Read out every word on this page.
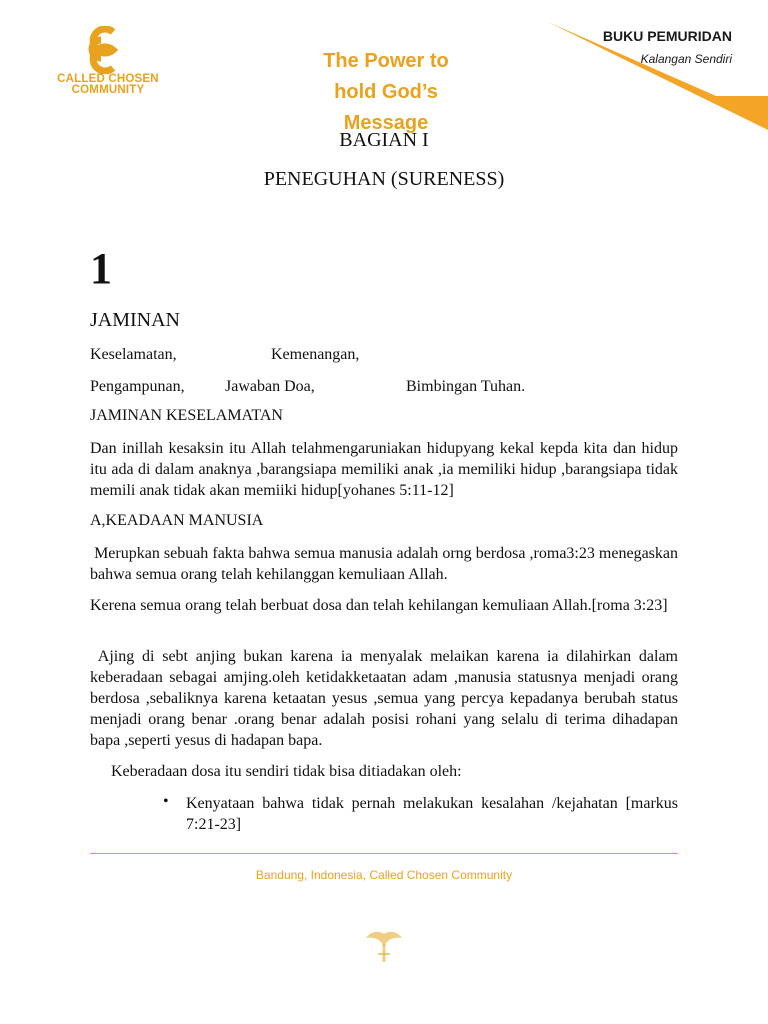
CALLED CHOSEN
COMMUNITY
The Power to
hold God’s
Message
BUKU PEMURIDAN
Kalangan Sendiri
BAGIAN I
PENEGUHAN (SURENESS)
1
JAMINAN
Keselamatan,	Kemenangan,
Pengampunan,	Jawaban Doa,	Bimbingan Tuhan.
JAMINAN KESELAMATAN
Dan inillah kesaksin itu Allah telahmengaruniakan hidupyang kekal kepda kita dan hidup itu ada di dalam anaknya ,barangsiapa memiliki anak ,ia memiliki hidup ,barangsiapa tidak memili anak tidak akan memiiki hidup[yohanes 5:11-12]
A,KEADAAN MANUSIA
Merupkan sebuah fakta bahwa semua manusia adalah orng berdosa ,roma3:23 menegaskan bahwa semua orang telah kehilanggan kemuliaan Allah.
Kerena semua orang telah berbuat dosa dan telah kehilangan kemuliaan Allah.[roma 3:23]
Ajing di sebt anjing bukan karena ia menyalak melaikan karena ia dilahirkan dalam keberadaan sebagai amjing.oleh ketidakketaatan adam ,manusia statusnya menjadi orang berdosa ,sebaliknya karena ketaatan yesus ,semua yang percya kepadanya berubah status menjadi orang benar .orang benar adalah posisi rohani yang selalu di terima dihadapan bapa ,seperti yesus di hadapan bapa.
Keberadaan dosa itu sendiri tidak bisa ditiadakan oleh:
• Kenyataan bahwa tidak pernah melakukan kesalahan /kejahatan [markus 7:21-23]
Bandung, Indonesia, Called Chosen Community
